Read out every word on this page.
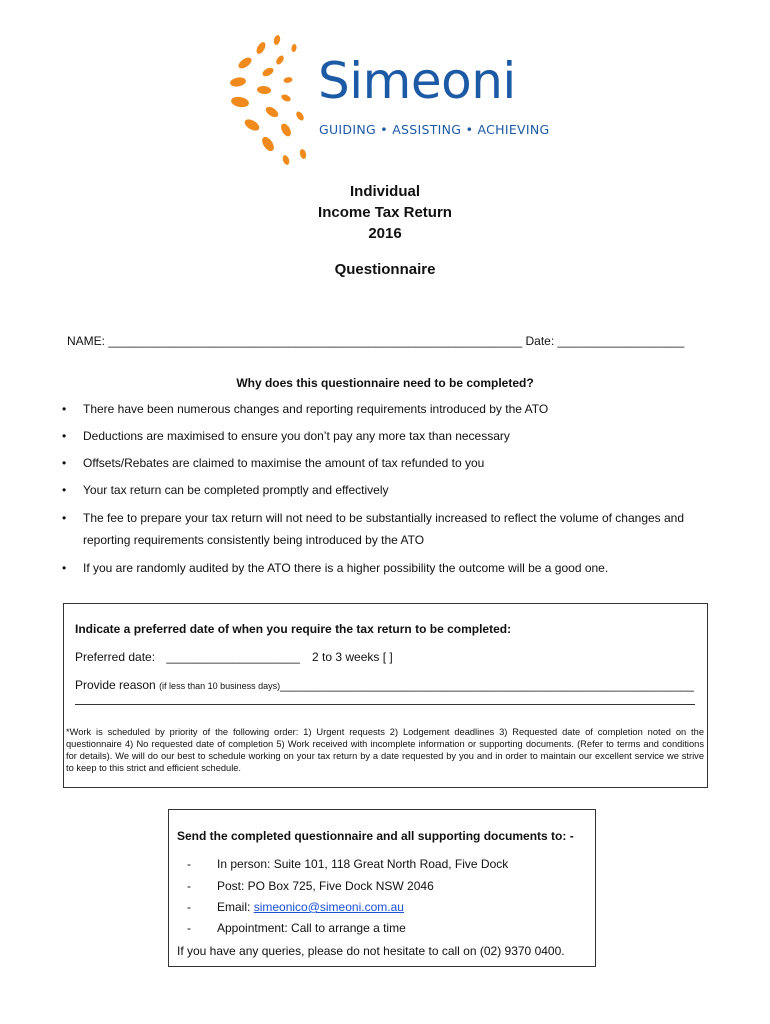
Simeoni
GUIDING • ASSISTING • ACHIEVING
Individual
Income Tax Return
2016
Questionnaire
NAME: ______________________________________________________________ Date: ___________________
Why does this questionnaire need to be completed?
• There have been numerous changes and reporting requirements introduced by the ATO
• Deductions are maximised to ensure you don’t pay any more tax than necessary
• Offsets/Rebates are claimed to maximise the amount of tax refunded to you
• Your tax return can be completed promptly and effectively
• The fee to prepare your tax return will not need to be substantially increased to reflect the volume of changes and reporting requirements consistently being introduced by the ATO
• If you are randomly audited by the ATO there is a higher possibility the outcome will be a good one.
Indicate a preferred date of when you require the tax return to be completed:
Preferred date: ____________________ 2 to 3 weeks [ ]
Provide reason (if less than 10 business days)______________________________________________________________
*Work is scheduled by priority of the following order: 1) Urgent requests 2) Lodgement deadlines 3) Requested date of completion noted on the questionnaire 4) No requested date of completion 5) Work received with incomplete information or supporting documents. (Refer to terms and conditions for details). We will do our best to schedule working on your tax return by a date requested by you and in order to maintain our excellent service we strive to keep to this strict and efficient schedule.
Send the completed questionnaire and all supporting documents to: -
- In person: Suite 101, 118 Great North Road, Five Dock
- Post: PO Box 725, Five Dock NSW 2046
- Email: simeonico@simeoni.com.au
- Appointment: Call to arrange a time
If you have any queries, please do not hesitate to call on (02) 9370 0400.
